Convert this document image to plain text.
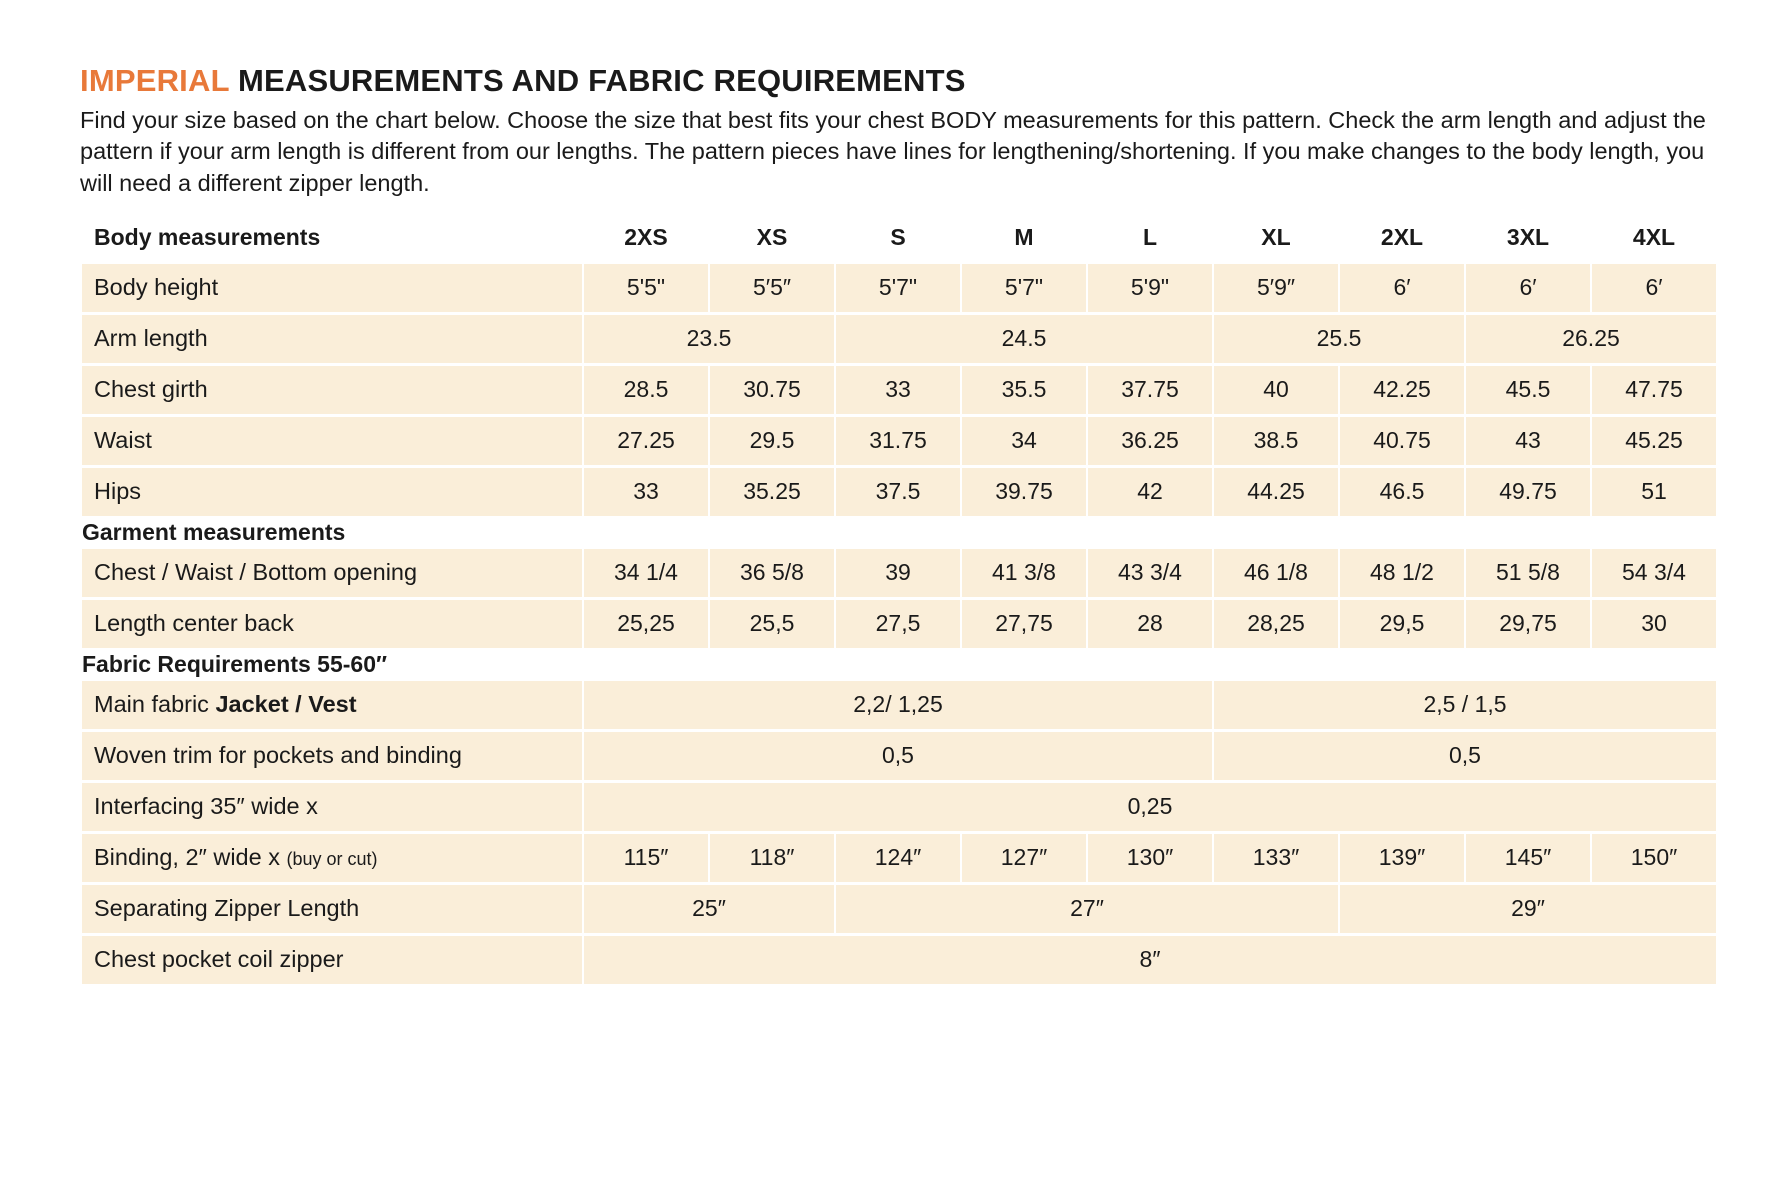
IMPERIAL MEASUREMENTS AND FABRIC REQUIREMENTS

Find your size based on the chart below. Choose the size that best fits your chest BODY measurements for this pattern. Check the arm length and adjust the pattern if your arm length is different from our lengths. The pattern pieces have lines for lengthening/shortening. If you make changes to the body length, you will need a different zipper length.

Body measurements	2XS	XS	S	M	L	XL	2XL	3XL	4XL
Body height	5'5"	5′5″	5'7"	5'7"	5'9"	5′9″	6′	6′	6′
Arm length	23.5		24.5			25.5		26.25	
Chest girth	28.5	30.75	33	35.5	37.75	40	42.25	45.5	47.75
Waist	27.25	29.5	31.75	34	36.25	38.5	40.75	43	45.25
Hips	33	35.25	37.5	39.75	42	44.25	46.5	49.75	51
Garment measurements									
Chest / Waist / Bottom opening	34 1/4	36 5/8	39	41 3/8	43 3/4	46 1/8	48 1/2	51 5/8	54 3/4
Length center back	25,25	25,5	27,5	27,75	28	28,25	29,5	29,75	30
Fabric Requirements 55-60″									
Main fabric Jacket / Vest	2,2/ 1,25					2,5 / 1,5			
Woven trim for pockets and binding	0,5					0,5			
Interfacing 35″ wide x	0,25								
Binding, 2″ wide x (buy or cut)	115″	118″	124″	127″	130″	133″	139″	145″	150″
Separating Zipper Length	25″		27″				29″		
Chest pocket coil zipper	8″								
